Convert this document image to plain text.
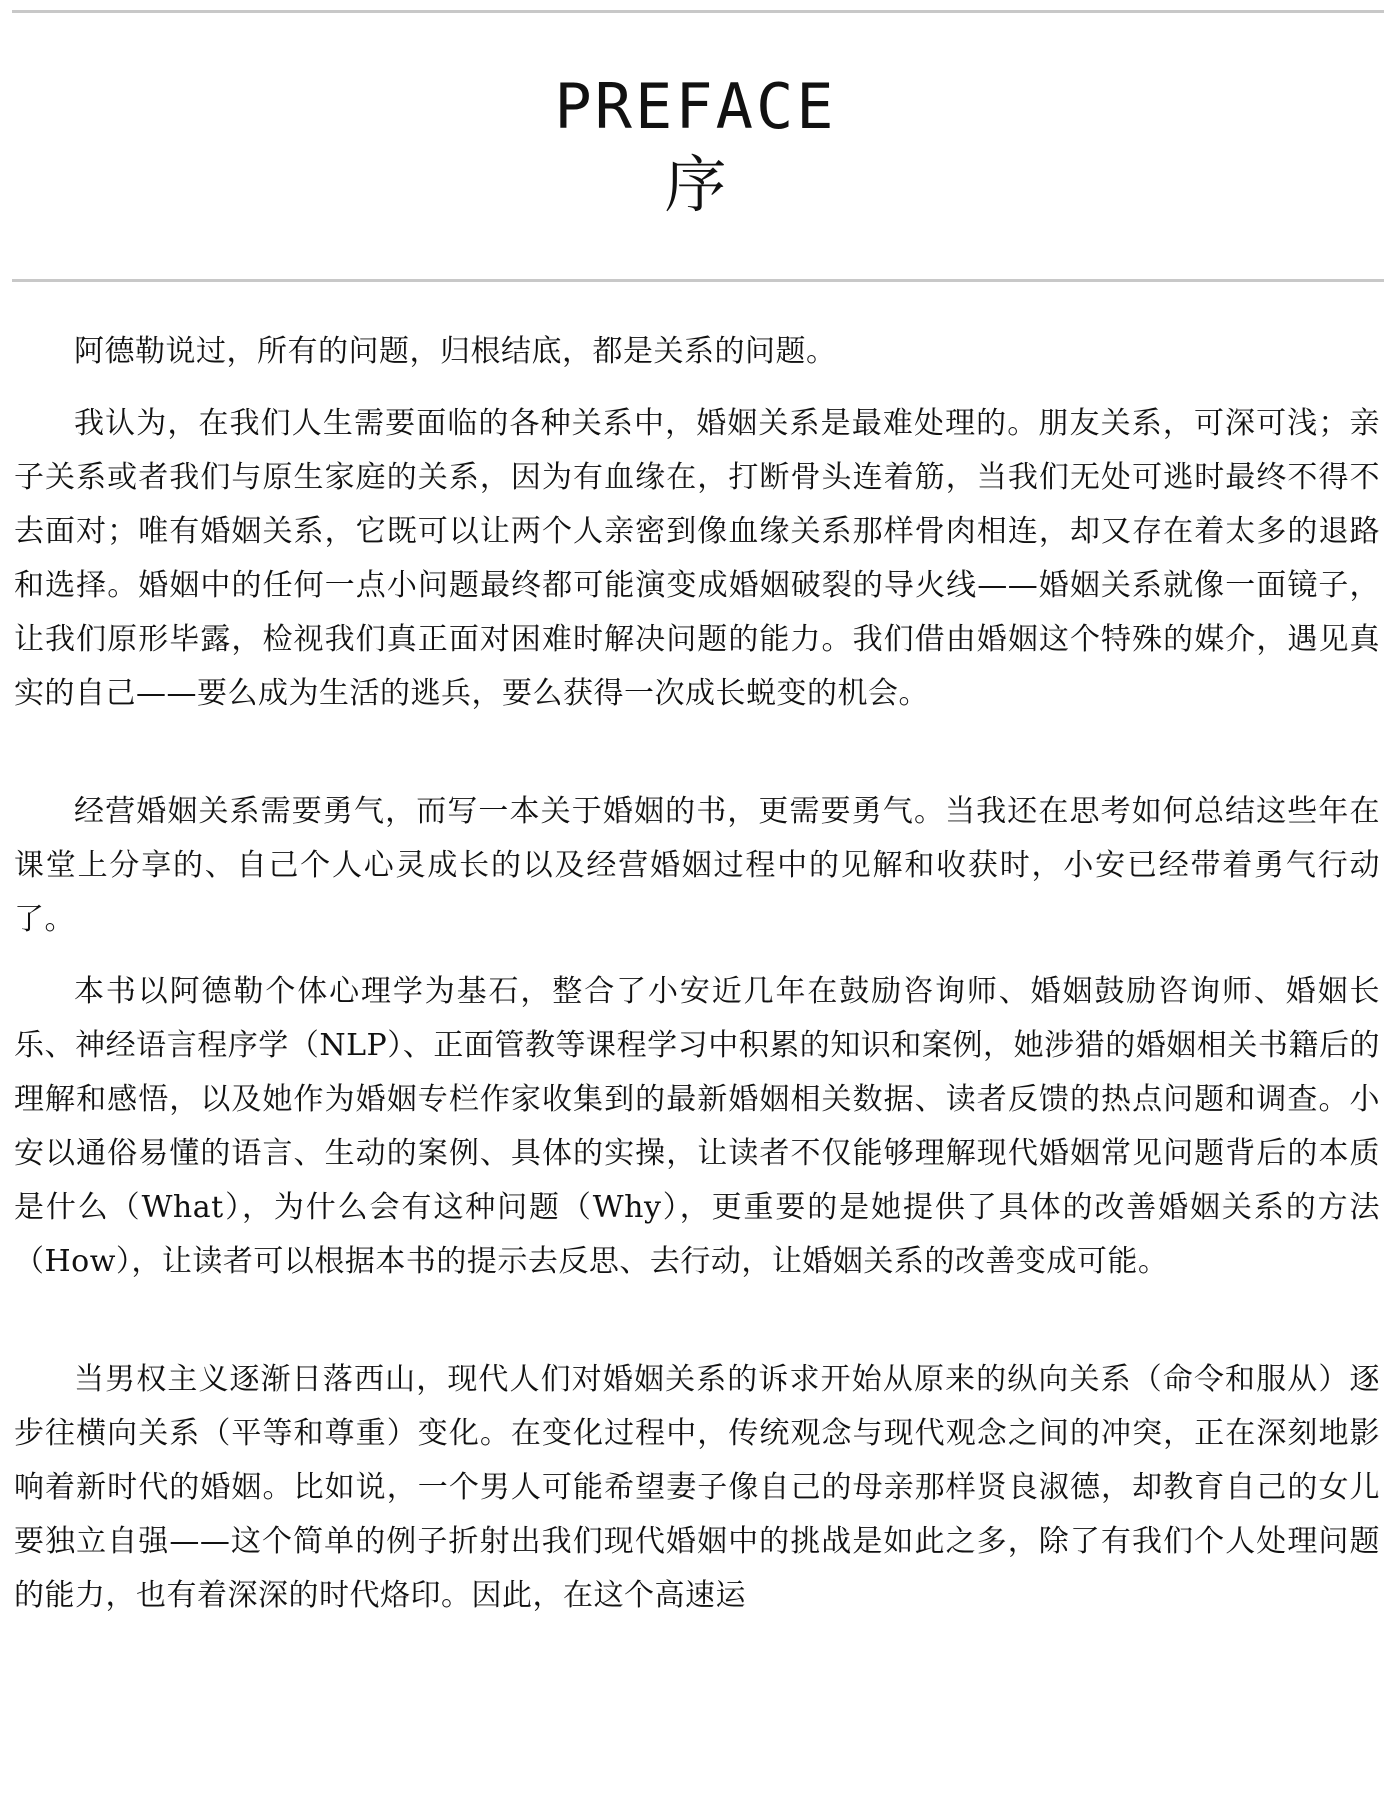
PREFACE
序

阿德勒说过，所有的问题，归根结底，都是关系的问题。

我认为，在我们人生需要面临的各种关系中，婚姻关系是最难处理的。朋友关系，可深可浅；亲子关系或者我们与原生家庭的关系，因为有血缘在，打断骨头连着筋，当我们无处可逃时最终不得不去面对；唯有婚姻关系，它既可以让两个人亲密到像血缘关系那样骨肉相连，却又存在着太多的退路和选择。婚姻中的任何一点小问题最终都可能演变成婚姻破裂的导火线——婚姻关系就像一面镜子，让我们原形毕露，检视我们真正面对困难时解决问题的能力。我们借由婚姻这个特殊的媒介，遇见真实的自己——要么成为生活的逃兵，要么获得一次成长蜕变的机会。

经营婚姻关系需要勇气，而写一本关于婚姻的书，更需要勇气。当我还在思考如何总结这些年在课堂上分享的、自己个人心灵成长的以及经营婚姻过程中的见解和收获时，小安已经带着勇气行动了。

本书以阿德勒个体心理学为基石，整合了小安近几年在鼓励咨询师、婚姻鼓励咨询师、婚姻长乐、神经语言程序学（NLP）、正面管教等课程学习中积累的知识和案例，她涉猎的婚姻相关书籍后的理解和感悟，以及她作为婚姻专栏作家收集到的最新婚姻相关数据、读者反馈的热点问题和调查。小安以通俗易懂的语言、生动的案例、具体的实操，让读者不仅能够理解现代婚姻常见问题背后的本质是什么（What），为什么会有这种问题（Why），更重要的是她提供了具体的改善婚姻关系的方法（How），让读者可以根据本书的提示去反思、去行动，让婚姻关系的改善变成可能。

当男权主义逐渐日落西山，现代人们对婚姻关系的诉求开始从原来的纵向关系（命令和服从）逐步往横向关系（平等和尊重）变化。在变化过程中，传统观念与现代观念之间的冲突，正在深刻地影响着新时代的婚姻。比如说，一个男人可能希望妻子像自己的母亲那样贤良淑德，却教育自己的女儿要独立自强——这个简单的例子折射出我们现代婚姻中的挑战是如此之多，除了有我们个人处理问题的能力，也有着深深的时代烙印。因此，在这个高速运
